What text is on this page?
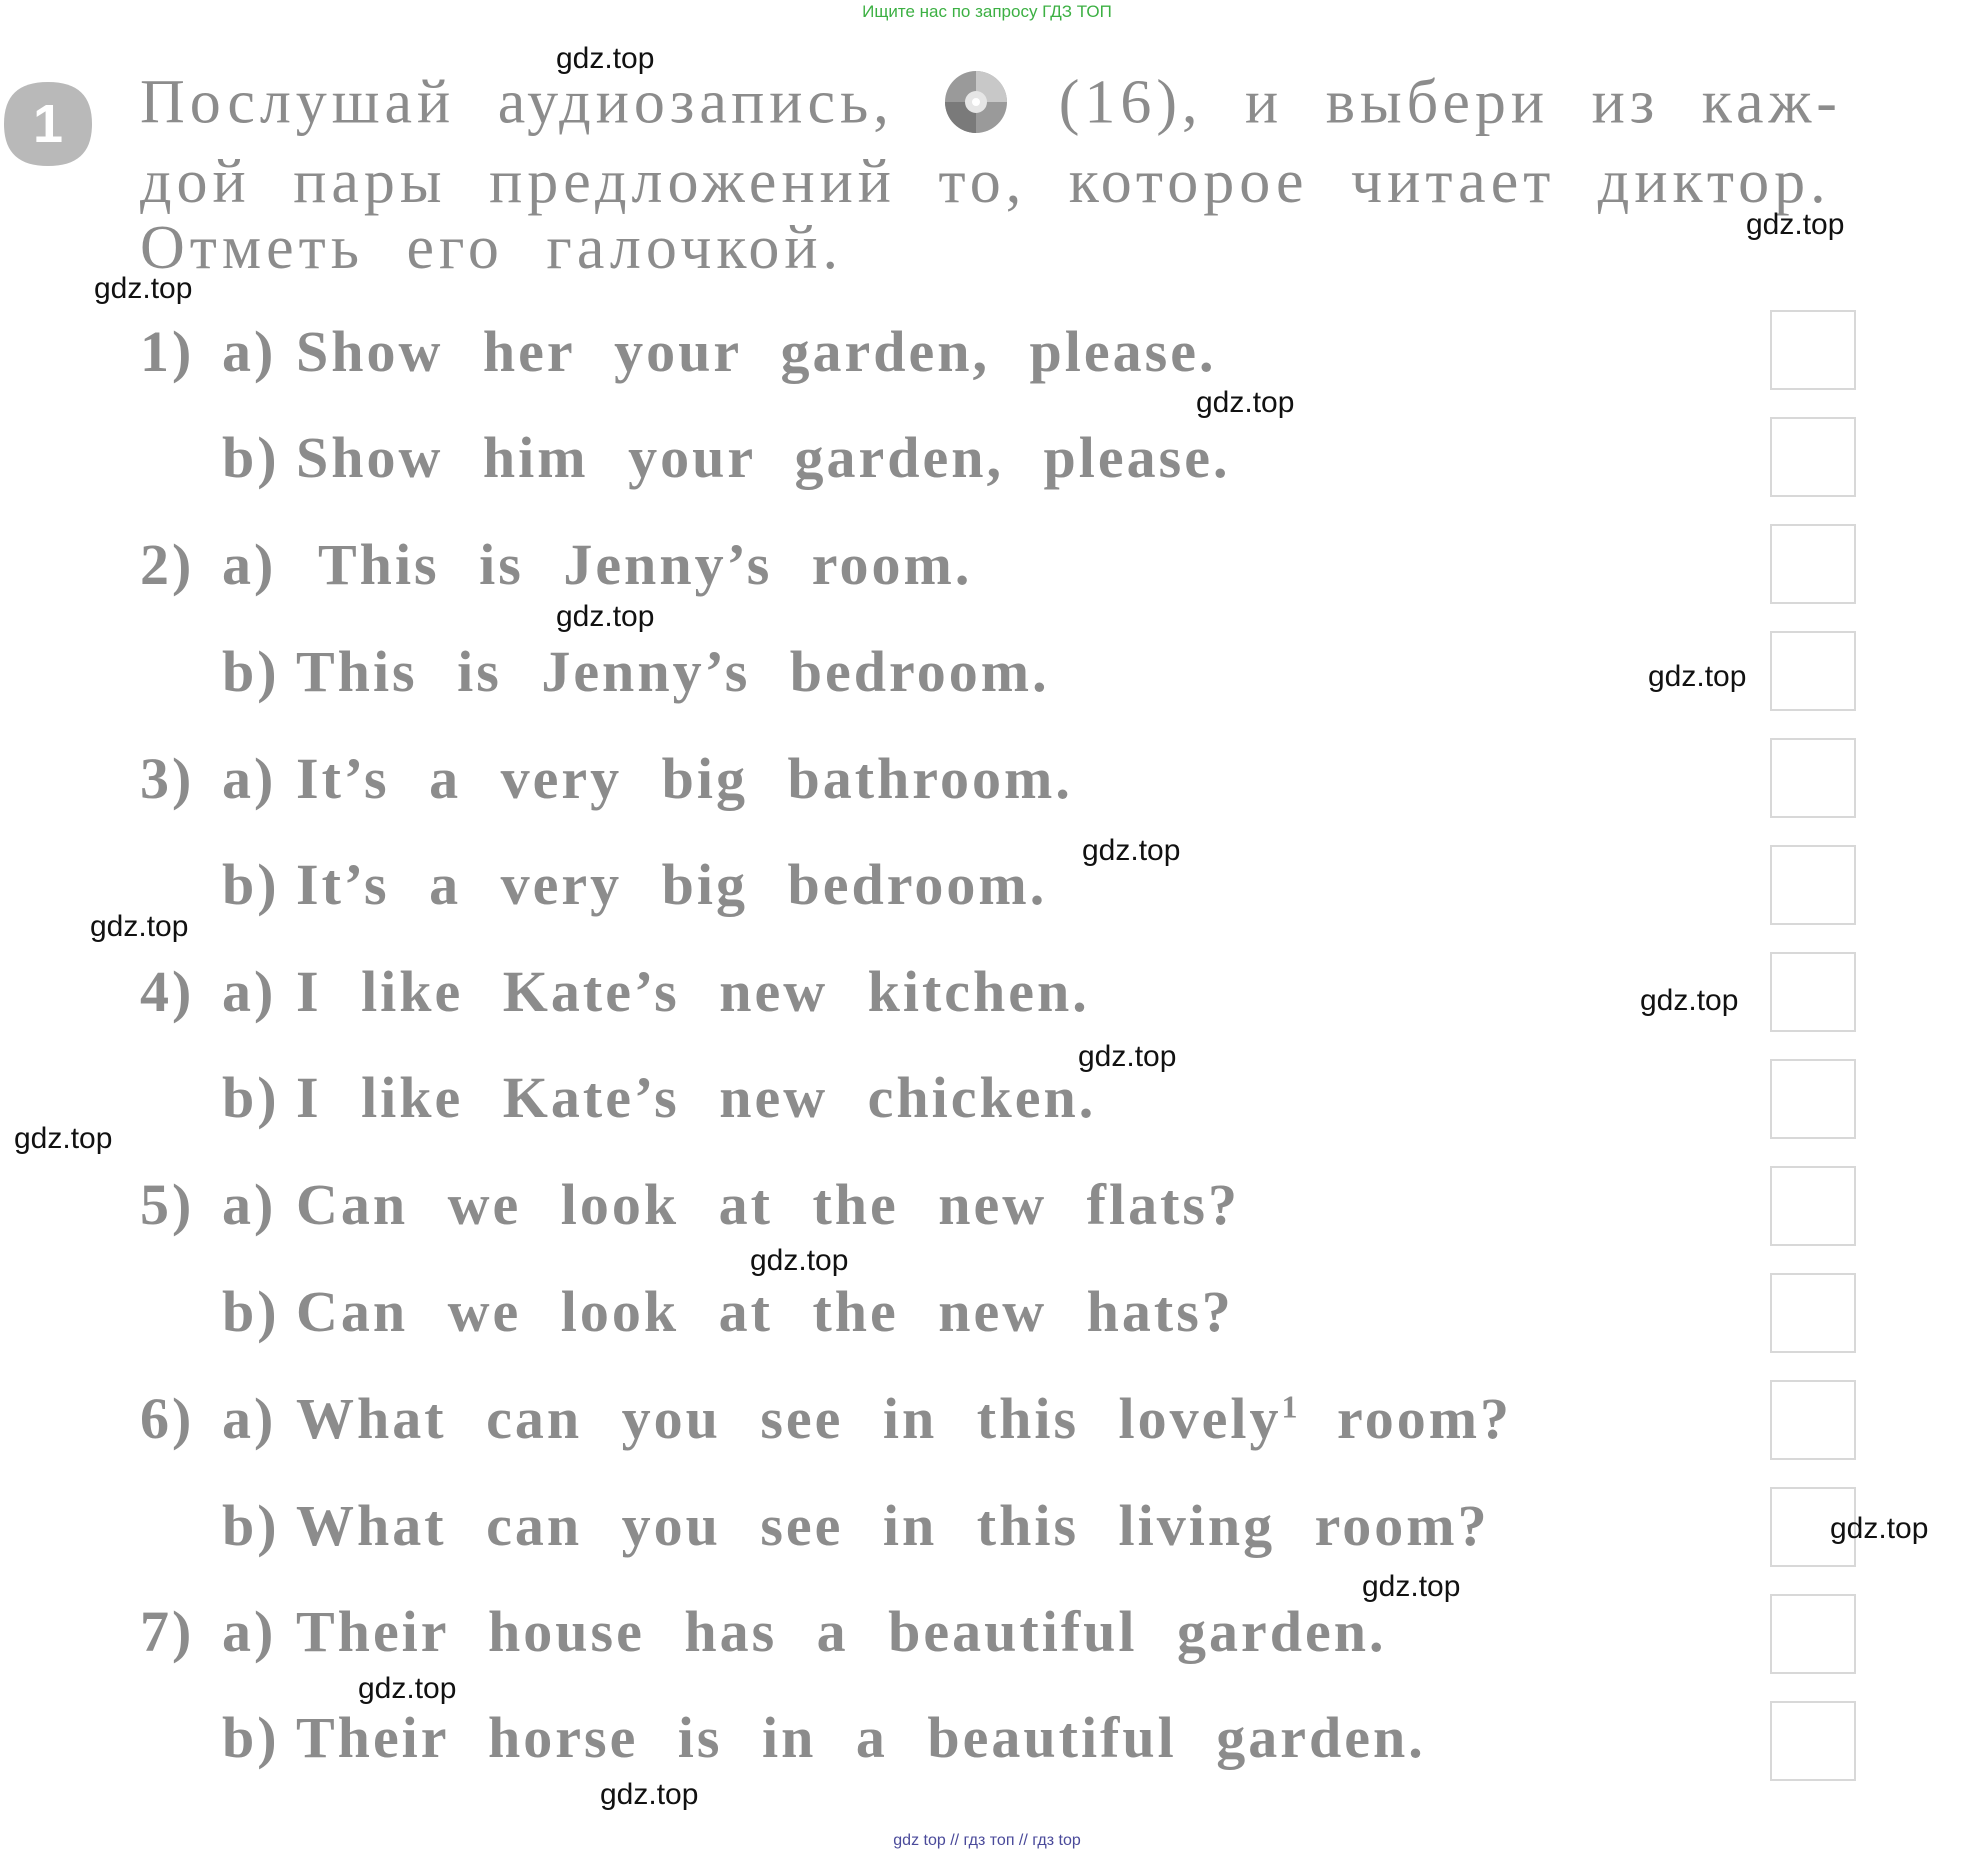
Ищите нас по запросу ГДЗ ТОП
1 Послушай аудиозапись,	(16), и выбери из каж-
дой пары предложений то, которое читает диктор.
Отметь его галочкой.
1) a) Show her your garden, please.
b) Show him your garden, please.
2) a) This is Jenny’s room.
b) This is Jenny’s bedroom.
3) a) It’s a very big bathroom.
b) It’s a very big bedroom.
4) a) I like Kate’s new kitchen.
b) I like Kate’s new chicken.
5) a) Can we look at the new flats?
b) Can we look at the new hats?
6) a) What can you see in this lovely$^1$ room?
b) What can you see in this living room?
7) a) Their house has a beautiful garden.
b) Their horse is in a beautiful garden.
gdz.top
gdz.top
gdz.top
gdz.top
gdz.top
gdz.top
gdz.top
gdz.top
gdz.top
gdz.top
gdz.top
gdz.top
gdz.top
gdz.top
gdz.top
gdz.top
gdz top // гдз топ // гдз top
